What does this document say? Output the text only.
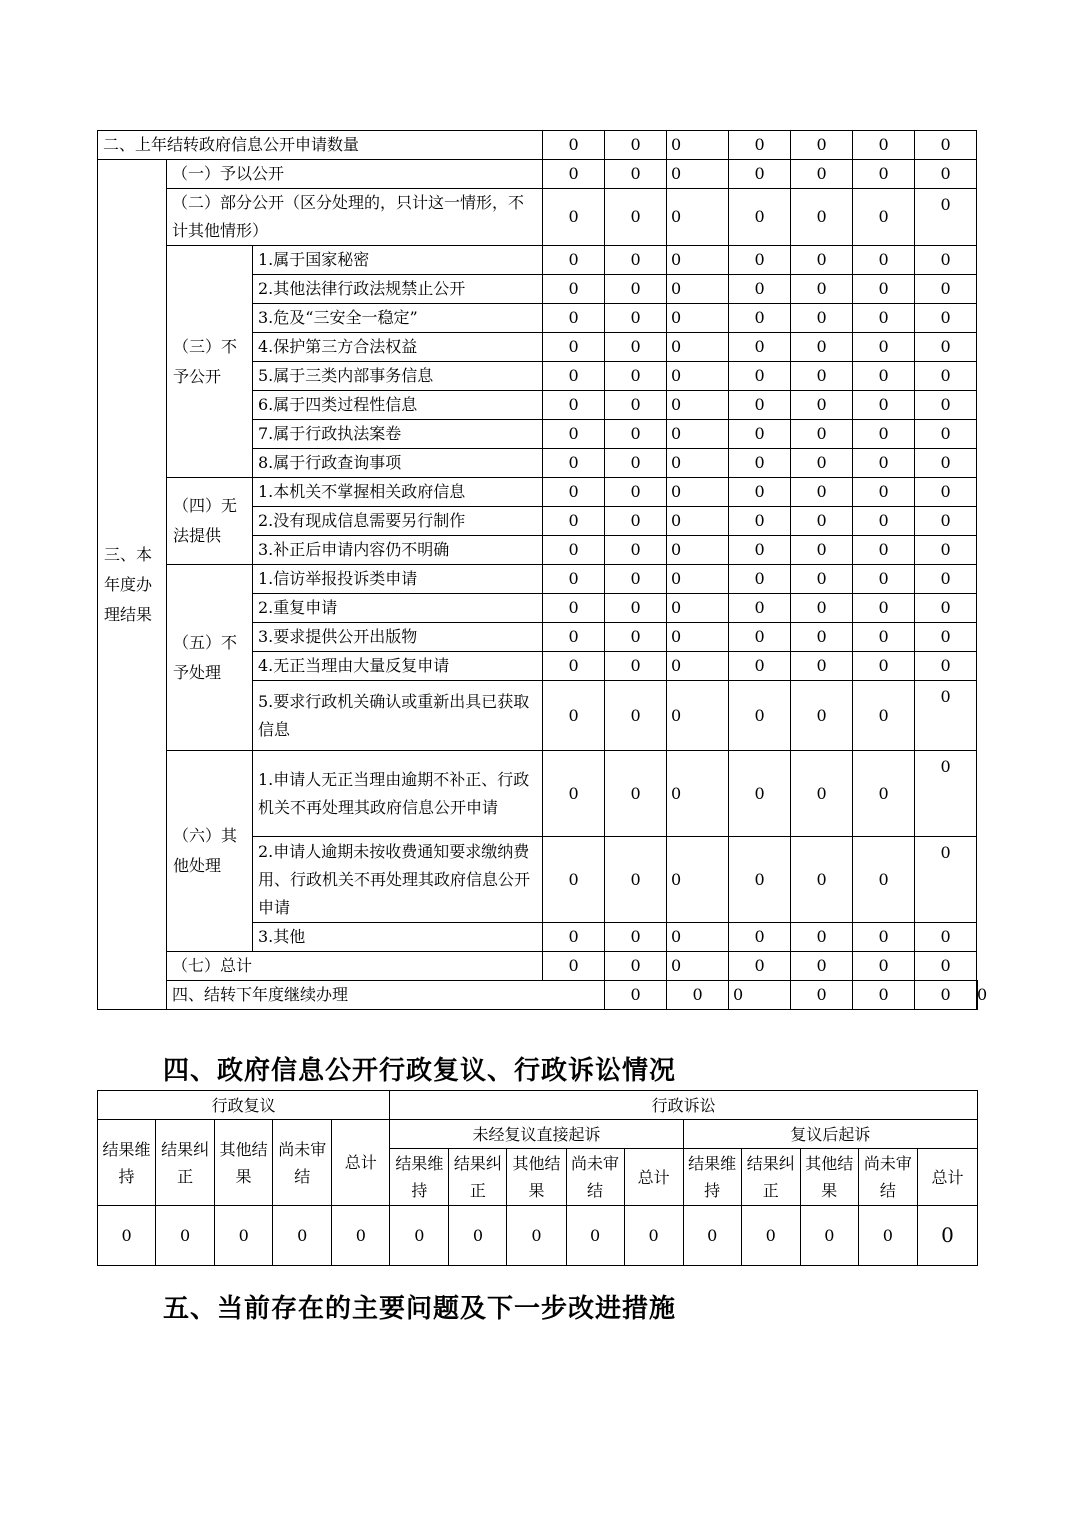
二、上年结转政府信息公开申请数量			0	0	0	0	0	0	0	
三、本年度办理结果	（一）予以公开		0	0	0	0	0	0	0	
	（二）部分公开（区分处理的，只计这一情形，不计其他情形）		0	0	0	0	0	0	0	
	（三）不予公开	1.属于国家秘密	0	0	0	0	0	0	0	
		2.其他法律行政法规禁止公开	0	0	0	0	0	0	0	
		3.危及“三安全一稳定”	0	0	0	0	0	0	0	
		4.保护第三方合法权益	0	0	0	0	0	0	0	
		5.属于三类内部事务信息	0	0	0	0	0	0	0	
		6.属于四类过程性信息	0	0	0	0	0	0	0	
		7.属于行政执法案卷	0	0	0	0	0	0	0	
		8.属于行政查询事项	0	0	0	0	0	0	0	
	（四）无法提供	1.本机关不掌握相关政府信息	0	0	0	0	0	0	0	
		2.没有现成信息需要另行制作	0	0	0	0	0	0	0	
		3.补正后申请内容仍不明确	0	0	0	0	0	0	0	
	（五）不予处理	1.信访举报投诉类申请	0	0	0	0	0	0	0	
		2.重复申请	0	0	0	0	0	0	0	
		3.要求提供公开出版物	0	0	0	0	0	0	0	
		4.无正当理由大量反复申请	0	0	0	0	0	0	0	
		5.要求行政机关确认或重新出具已获取信息	0	0	0	0	0	0	0	
	（六）其他处理	1.申请人无正当理由逾期不补正、行政机关不再处理其政府信息公开申请	0	0	0	0	0	0	0	
		2.申请人逾期未按收费通知要求缴纳费用、行政机关不再处理其政府信息公开申请	0	0	0	0	0	0	0	
		3.其他	0	0	0	0	0	0	0	
	（七）总计		0	0	0	0	0	0	0	
	四、结转下年度继续办理			0	0	0	0	0	0	0
四、政府信息公开行政复议、行政诉讼情况
行政复议					行政诉讼									
结果维持	结果纠正	其他结果	尚未审结	总计	未经复议直接起诉					复议后起诉				
					结果维持	结果纠正	其他结果	尚未审结	总计	结果维持	结果纠正	其他结果	尚未审结	总计
0	0	0	0	0	0	0	0	0	0	0	0	0	0	0
五、当前存在的主要问题及下一步改进措施
